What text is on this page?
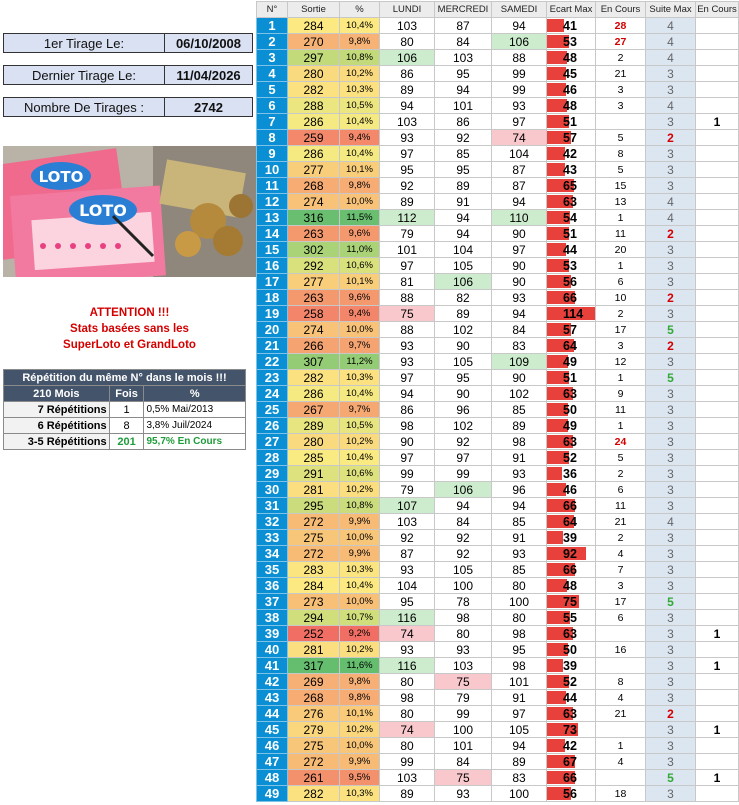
1er Tirage Le:	06/10/2008
Dernier Tirage Le:	11/04/2026
Nombre De Tirages :	2742
LOTO
LOTO
ATTENTION !!!
Stats basées sans les
SuperLoto et GrandLoto
Répétition du même N° dans le mois !!!		
210 Mois	Fois	%
7 Répétitions	1	0,5% Mai/2013
6 Répétitions	8	3,8% Juil/2024
3-5 Répétitions	201	95,7% En Cours
N°	Sortie	%	LUNDI	MERCREDI	SAMEDI	Ecart Max	En Cours	Suite Max	En Cours
1	284	10,4%	103	87	94	41	28	4	
2	270	9,8%	80	84	106	53	27	4	
3	297	10,8%	106	103	88	48	2	4	
4	280	10,2%	86	95	99	45	21	3	
5	282	10,3%	89	94	99	46	3	3	
6	288	10,5%	94	101	93	48	3	4	
7	286	10,4%	103	86	97	51		3	1
8	259	9,4%	93	92	74	57	5	2	
9	286	10,4%	97	85	104	42	8	3	
10	277	10,1%	95	95	87	43	5	3	
11	268	9,8%	92	89	87	65	15	3	
12	274	10,0%	89	91	94	63	13	4	
13	316	11,5%	112	94	110	54	1	4	
14	263	9,6%	79	94	90	51	11	2	
15	302	11,0%	101	104	97	44	20	3	
16	292	10,6%	97	105	90	53	1	3	
17	277	10,1%	81	106	90	56	6	3	
18	263	9,6%	88	82	93	66	10	2	
19	258	9,4%	75	89	94	114	2	3	
20	274	10,0%	88	102	84	57	17	5	
21	266	9,7%	93	90	83	64	3	2	
22	307	11,2%	93	105	109	49	12	3	
23	282	10,3%	97	95	90	51	1	5	
24	286	10,4%	94	90	102	63	9	3	
25	267	9,7%	86	96	85	50	11	3	
26	289	10,5%	98	102	89	49	1	3	
27	280	10,2%	90	92	98	63	24	3	
28	285	10,4%	97	97	91	52	5	3	
29	291	10,6%	99	99	93	36	2	3	
30	281	10,2%	79	106	96	46	6	3	
31	295	10,8%	107	94	94	66	11	3	
32	272	9,9%	103	84	85	64	21	4	
33	275	10,0%	92	92	91	39	2	3	
34	272	9,9%	87	92	93	92	4	3	
35	283	10,3%	93	105	85	66	7	3	
36	284	10,4%	104	100	80	48	3	3	
37	273	10,0%	95	78	100	75	17	5	
38	294	10,7%	116	98	80	55	6	3	
39	252	9,2%	74	80	98	63		3	1
40	281	10,2%	93	93	95	50	16	3	
41	317	11,6%	116	103	98	39		3	1
42	269	9,8%	80	75	101	52	8	3	
43	268	9,8%	98	79	91	44	4	3	
44	276	10,1%	80	99	97	63	21	2	
45	279	10,2%	74	100	105	73		3	1
46	275	10,0%	80	101	94	42	1	3	
47	272	9,9%	99	84	89	67	4	3	
48	261	9,5%	103	75	83	66		5	1
49	282	10,3%	89	93	100	56	18	3	
